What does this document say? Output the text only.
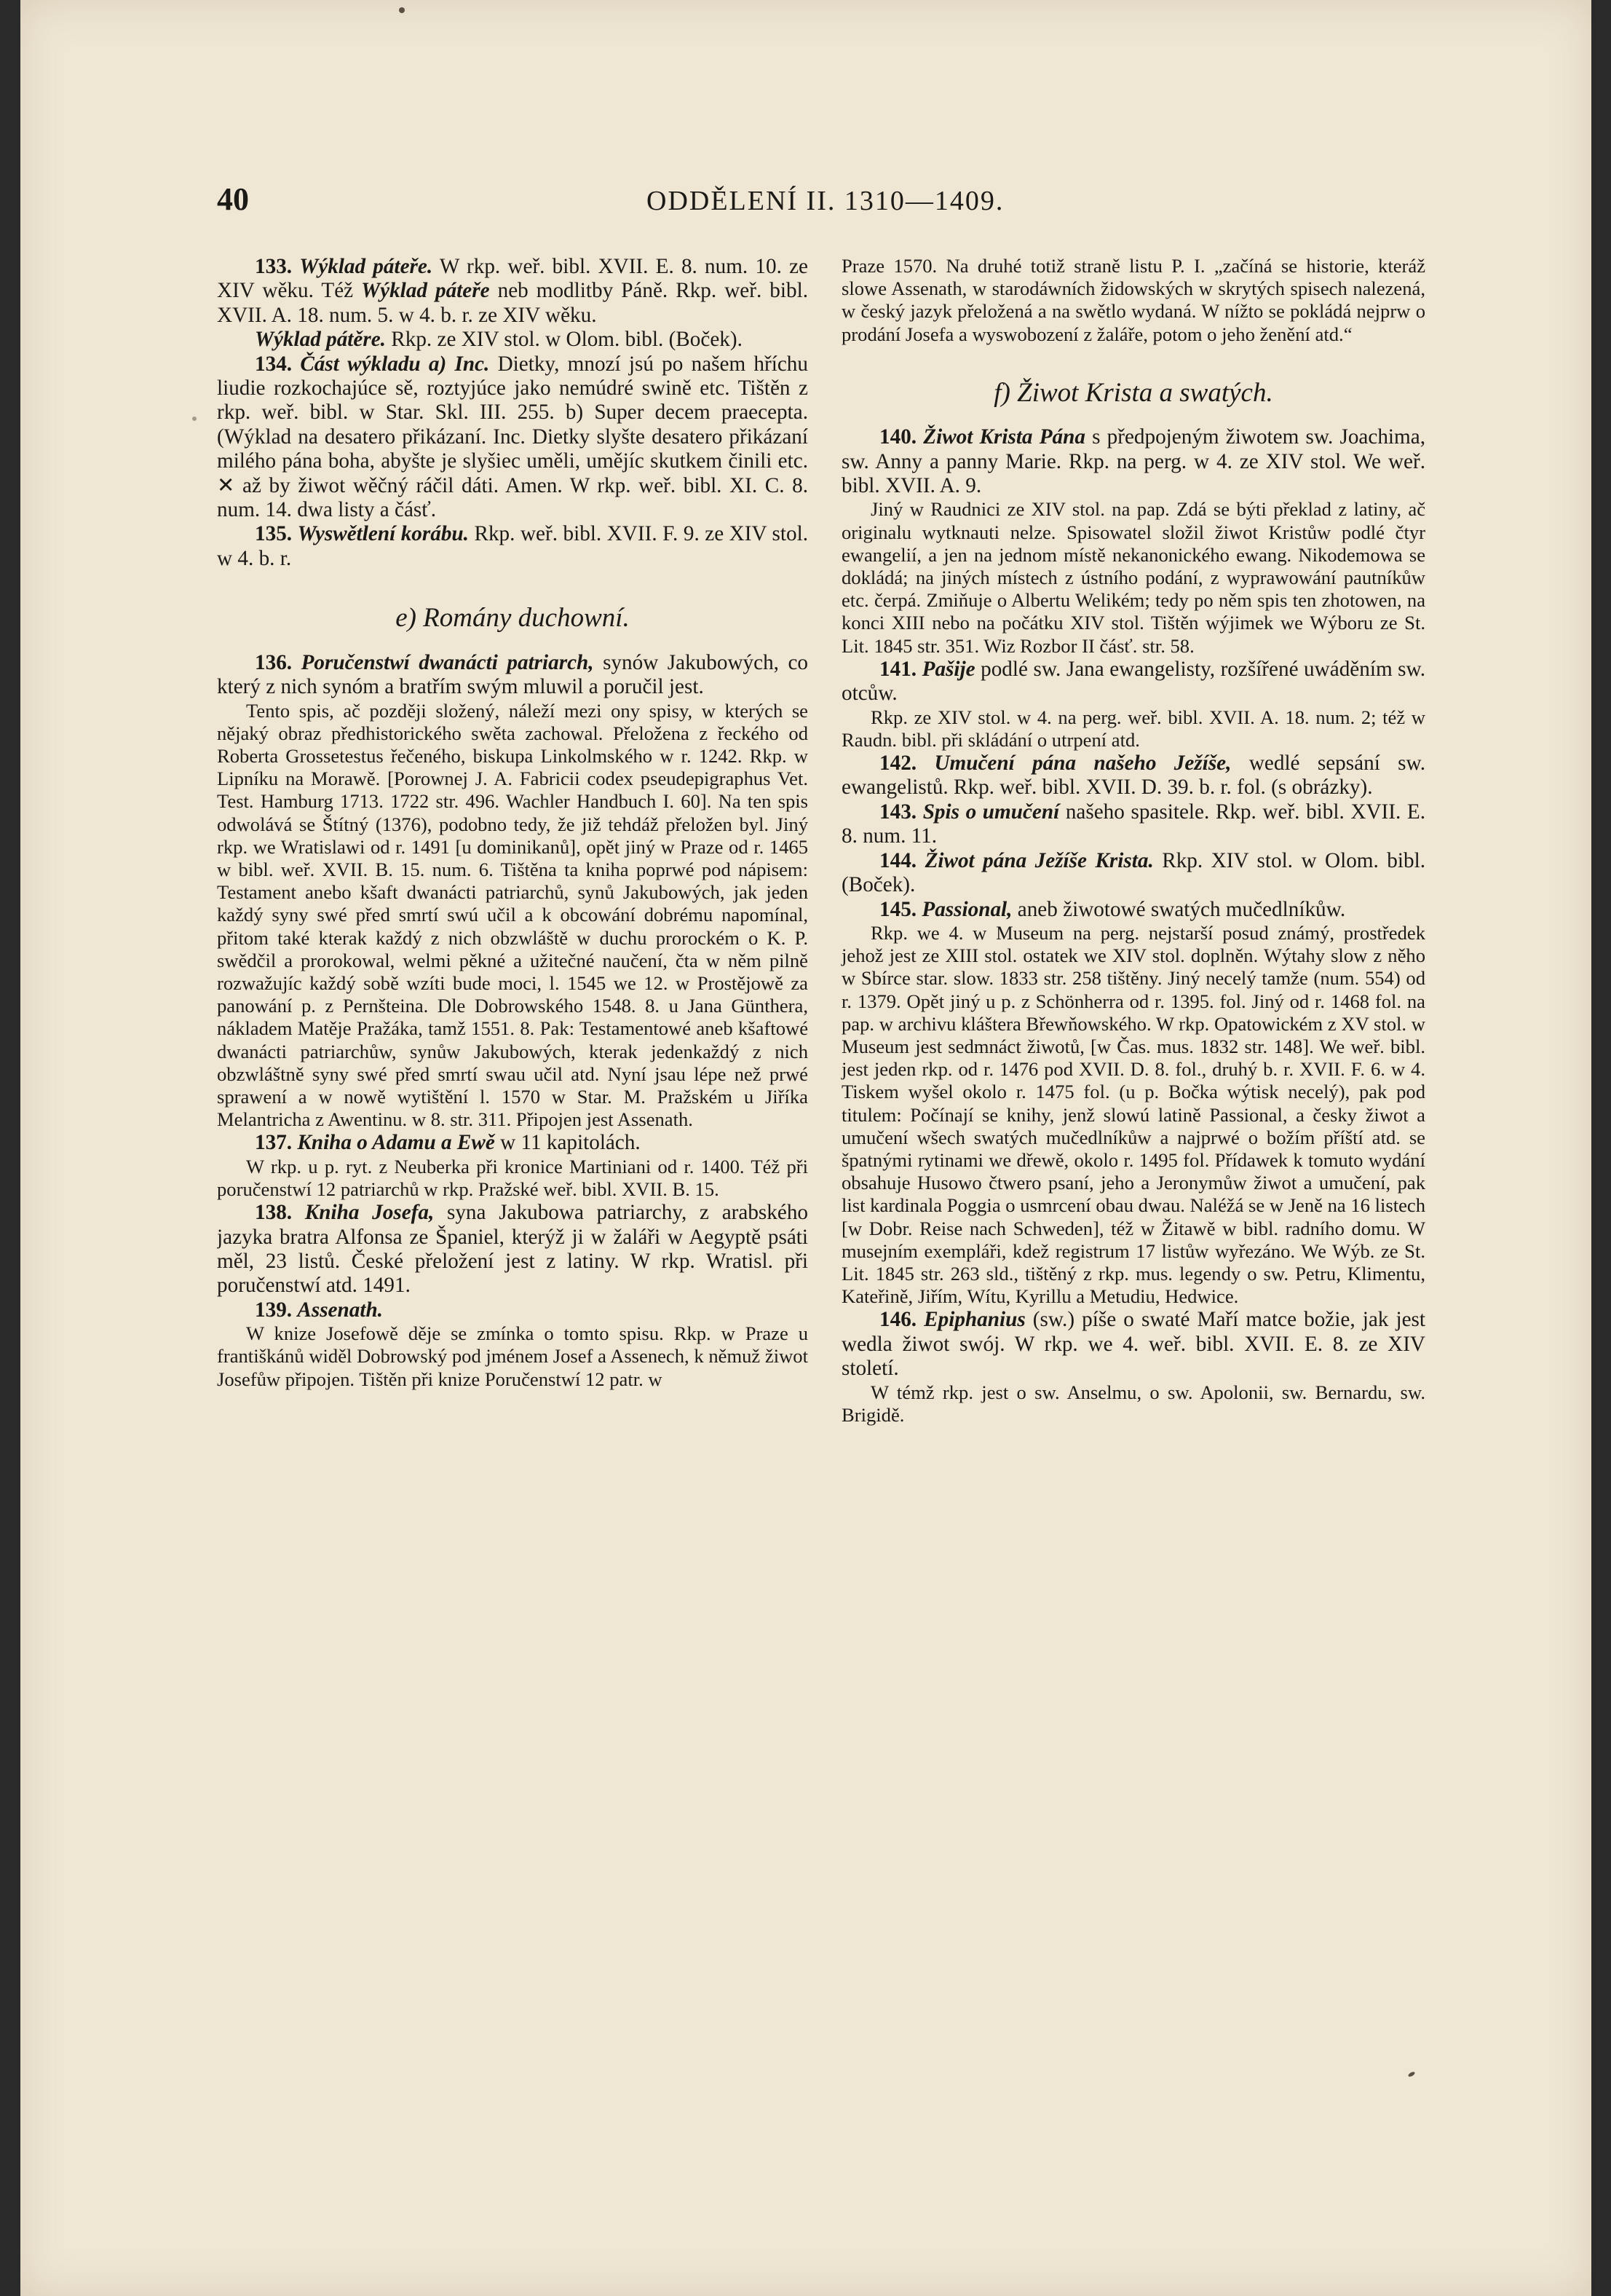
40	ODDĚLENÍ II. 1310—1409.

133. Wýklad páteře. W rkp. weř. bibl. XVII. E. 8. num. 10. ze XIV wěku. Též Wýklad páteře neb modlitby Páně. Rkp. weř. bibl. XVII. A. 18. num. 5. w 4. b. r. ze XIV wěku.

Wýklad pátěre. Rkp. ze XIV stol. w Olom. bibl. (Boček).

134. Část wýkladu a) Inc. Dietky, mnozí jsú po našem hříchu liudie rozkochajúce sě, roztyjúce jako nemúdré swině etc. Tištěn z rkp. weř. bibl. w Star. Skl. III. 255. b) Super decem praecepta. (Wýklad na desatero přikázaní. Inc. Dietky slyšte desatero přikázaní milého pána boha, abyšte je slyšiec uměli, umějíc skutkem činili etc. ✕ až by žiwot wěčný ráčil dáti. Amen. W rkp. weř. bibl. XI. C. 8. num. 14. dwa listy a čásť.

135. Wyswětlení korábu. Rkp. weř. bibl. XVII. F. 9. ze XIV stol. w 4. b. r.

e) Romány duchowní.

136. Poručenstwí dwanácti patriarch, synów Jakubowých, co který z nich synóm a bratřím swým mluwil a poručil jest.

Tento spis, ač později složený, náleží mezi ony spisy, w kterých se nějaký obraz předhistorického swěta zachowal. Přeložena z řeckého od Roberta Grossetestus řečeného, biskupa Linkolmského w r. 1242. Rkp. w Lipníku na Morawě. [Porownej J. A. Fabricii codex pseudepigraphus Vet. Test. Hamburg 1713. 1722 str. 496. Wachler Handbuch I. 60]. Na ten spis odwolává se Štítný (1376), podobno tedy, že již tehdáž přeložen byl. Jiný rkp. we Wratislawi od r. 1491 [u dominikanů], opět jiný w Praze od r. 1465 w bibl. weř. XVII. B. 15. num. 6. Tištěna ta kniha poprwé pod nápisem: Testament anebo kšaft dwanácti patriarchů, synů Jakubowých, jak jeden každý syny swé před smrtí swú učil a k obcowání dobrému napomínal, přitom také kterak každý z nich obzwláště w duchu prorockém o K. P. swědčil a prorokowal, welmi pěkné a užitečné naučení, čta w něm pilně rozwažujíc každý sobě wzíti bude moci, l. 1545 we 12. w Prostějowě za panowání p. z Pernšteina. Dle Dobrowského 1548. 8. u Jana Günthera, nákladem Matěje Pražáka, tamž 1551. 8. Pak: Testamentowé aneb kšaftowé dwanácti patriarchůw, synůw Jakubowých, kterak jedenkaždý z nich obzwláštně syny swé před smrtí swau učil atd. Nyní jsau lépe než prwé sprawení a w nowě wytištění l. 1570 w Star. M. Pražském u Jiříka Melantricha z Awentinu. w 8. str. 311. Připojen jest Assenath.

137. Kniha o Adamu a Ewě w 11 kapitolách.

W rkp. u p. ryt. z Neuberka při kronice Martiniani od r. 1400. Též při poručenstwí 12 patriarchů w rkp. Pražské weř. bibl. XVII. B. 15.

138. Kniha Josefa, syna Jakubowa patriarchy, z arabského jazyka bratra Alfonsa ze Španiel, kterýž ji w žaláři w Aegyptě psáti měl, 23 listů. České přeložení jest z latiny. W rkp. Wratisl. při poručenstwí atd. 1491.

139. Assenath.

W knize Josefowě děje se zmínka o tomto spisu. Rkp. w Praze u františkánů widěl Dobrowský pod jménem Josef a Assenech, k němuž žiwot Josefůw připojen. Tištěn při knize Poručenstwí 12 patr. w

Praze 1570. Na druhé totiž straně listu P. I. „začíná se historie, kteráž slowe Assenath, w starodáwních židowských w skrytých spisech nalezená, w český jazyk přeložená a na swětlo wydaná. W nížto se pokládá nejprw o prodání Josefa a wyswobození z žaláře, potom o jeho ženění atd.“

f) Žiwot Krista a swatých.

140. Žiwot Krista Pána s předpojeným žiwotem sw. Joachima, sw. Anny a panny Marie. Rkp. na perg. w 4. ze XIV stol. We weř. bibl. XVII. A. 9.

Jiný w Raudnici ze XIV stol. na pap. Zdá se býti překlad z latiny, ač originalu wytknauti nelze. Spisowatel složil žiwot Kristůw podlé čtyr ewangelií, a jen na jednom místě nekanonického ewang. Nikodemowa se dokládá; na jiných místech z ústního podání, z wyprawowání pautníkůw etc. čerpá. Zmiňuje o Albertu Welikém; tedy po něm spis ten zhotowen, na konci XIII nebo na počátku XIV stol. Tištěn wýjimek we Wýboru ze St. Lit. 1845 str. 351. Wiz Rozbor II čásť. str. 58.

141. Pašije podlé sw. Jana ewangelisty, rozšířené uwáděním sw. otcůw.

Rkp. ze XIV stol. w 4. na perg. weř. bibl. XVII. A. 18. num. 2; též w Raudn. bibl. při skládání o utrpení atd.

142. Umučení pána našeho Ježíše, wedlé sepsání sw. ewangelistů. Rkp. weř. bibl. XVII. D. 39. b. r. fol. (s obrázky).

143. Spis o umučení našeho spasitele. Rkp. weř. bibl. XVII. E. 8. num. 11.

144. Žiwot pána Ježíše Krista. Rkp. XIV stol. w Olom. bibl. (Boček).

145. Passional, aneb žiwotowé swatých mučedlníkůw.

Rkp. we 4. w Museum na perg. nejstarší posud známý, prostředek jehož jest ze XIII stol. ostatek we XIV stol. doplněn. Wýtahy slow z něho w Sbírce star. slow. 1833 str. 258 tištěny. Jiný necelý tamže (num. 554) od r. 1379. Opět jiný u p. z Schönherra od r. 1395. fol. Jiný od r. 1468 fol. na pap. w archivu kláštera Břewňowského. W rkp. Opatowickém z XV stol. w Museum jest sedmnáct žiwotů, [w Čas. mus. 1832 str. 148]. We weř. bibl. jest jeden rkp. od r. 1476 pod XVII. D. 8. fol., druhý b. r. XVII. F. 6. w 4. Tiskem wyšel okolo r. 1475 fol. (u p. Bočka wýtisk necelý), pak pod titulem: Počínají se knihy, jenž slowú latině Passional, a česky žiwot a umučení wšech swatých mučedlníkůw a najprwé o božím příští atd. se špatnými rytinami we dřewě, okolo r. 1495 fol. Přídawek k tomuto wydání obsahuje Husowo čtwero psaní, jeho a Jeronymůw žiwot a umučení, pak list kardinala Poggia o usmrcení obau dwau. Naléžá se w Jeně na 16 listech [w Dobr. Reise nach Schweden], též w Žitawě w bibl. radního domu. W musejním exempláři, kdež registrum 17 listůw wyřezáno. We Wýb. ze St. Lit. 1845 str. 263 sld., tištěný z rkp. mus. legendy o sw. Petru, Klimentu, Kateřině, Jiřím, Wítu, Kyrillu a Metudiu, Hedwice.

146. Epiphanius (sw.) píše o swaté Maří matce božie, jak jest wedla žiwot swój. W rkp. we 4. weř. bibl. XVII. E. 8. ze XIV století.

W témž rkp. jest o sw. Anselmu, o sw. Apolonii, sw. Bernardu, sw. Brigidě.
